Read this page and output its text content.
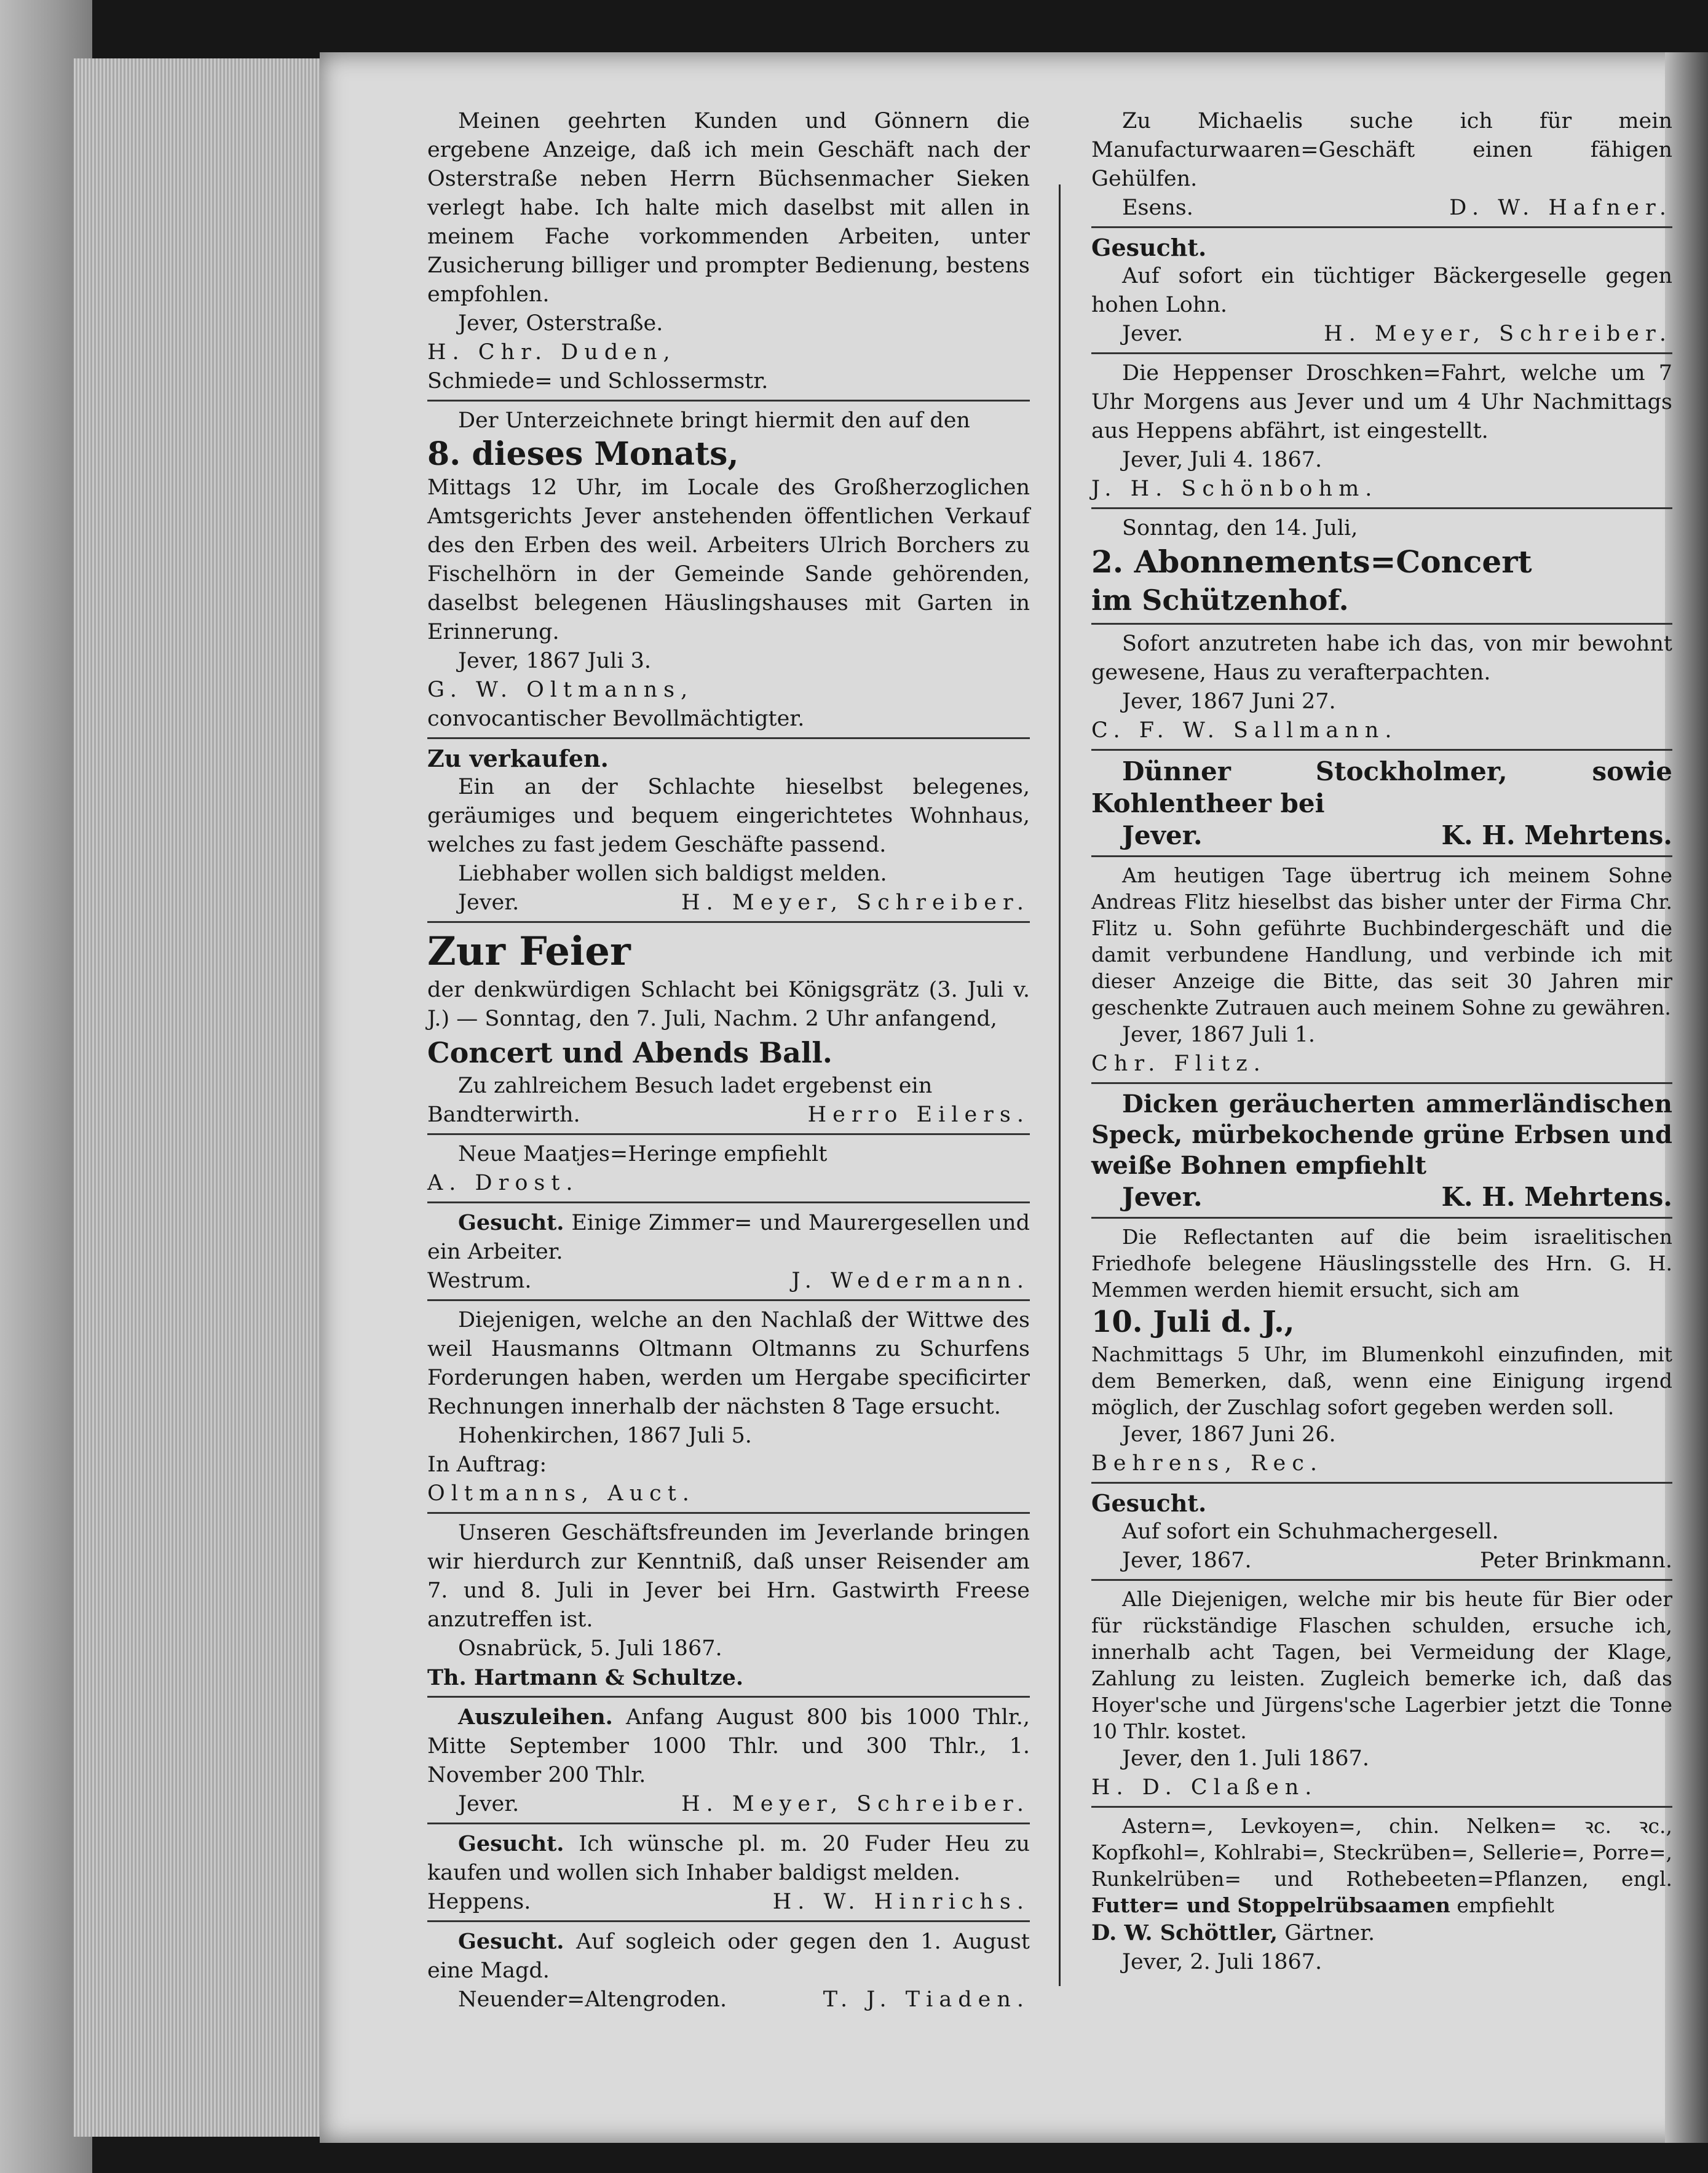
Meinen geehrten Kunden und Gönnern die ergebene Anzeige, daß ich mein Geschäft nach der Osterstraße neben Herrn Büchsenmacher Sieken verlegt habe. Ich halte mich daselbst mit allen in meinem Fache vorkommenden Arbeiten, unter Zusicherung billiger und prompter Bedienung, bestens empfohlen.

Jever, Osterstraße.

H. Chr. Duden,

Schmiede= und Schlossermstr.

Der Unterzeichnete bringt hiermit den auf den

8. dieses Monats,

Mittags 12 Uhr, im Locale des Großherzoglichen Amtsgerichts Jever anstehenden öffentlichen Verkauf des den Erben des weil. Arbeiters Ulrich Borchers zu Fischelhörn in der Gemeinde Sande gehörenden, daselbst belegenen Häuslingshauses mit Garten in Erinnerung.

Jever, 1867 Juli 3.

G. W. Oltmanns,

convocantischer Bevollmächtigter.

Zu verkaufen.

Ein an der Schlachte hieselbst belegenes, geräumiges und bequem eingerichtetes Wohnhaus, welches zu fast jedem Geschäfte passend.

Liebhaber wollen sich baldigst melden.

Jever.	H. Meyer, Schreiber.

Zur Feier

der denkwürdigen Schlacht bei Königsgrätz (3. Juli v. J.) — Sonntag, den 7. Juli, Nachm. 2 Uhr anfangend,

Concert und Abends Ball.

Zu zahlreichem Besuch ladet ergebenst ein

Bandterwirth.	Herro Eilers.

Neue Maatjes=Heringe empfiehlt

A. Drost.

Gesucht. Einige Zimmer= und Maurergesellen und ein Arbeiter.

Westrum.	J. Wedermann.

Diejenigen, welche an den Nachlaß der Wittwe des weil Hausmanns Oltmann Oltmanns zu Schurfens Forderungen haben, werden um Hergabe specificirter Rechnungen innerhalb der nächsten 8 Tage ersucht.

Hohenkirchen, 1867 Juli 5.

In Auftrag:

Oltmanns, Auct.

Unseren Geschäftsfreunden im Jeverlande bringen wir hierdurch zur Kenntniß, daß unser Reisender am 7. und 8. Juli in Jever bei Hrn. Gastwirth Freese anzutreffen ist.

Osnabrück, 5. Juli 1867.

Th. Hartmann & Schultze.

Auszuleihen. Anfang August 800 bis 1000 Thlr., Mitte September 1000 Thlr. und 300 Thlr., 1. November 200 Thlr.

Jever.	H. Meyer, Schreiber.

Gesucht. Ich wünsche pl. m. 20 Fuder Heu zu kaufen und wollen sich Inhaber baldigst melden.

Heppens.	H. W. Hinrichs.

Gesucht. Auf sogleich oder gegen den 1. August eine Magd.

Neuender=Altengroden.	T. J. Tiaden.

Zu Michaelis suche ich für mein Manufacturwaaren=Geschäft einen fähigen Gehülfen.

Esens.	D. W. Hafner.

Gesucht.

Auf sofort ein tüchtiger Bäckergeselle gegen hohen Lohn.

Jever.	H. Meyer, Schreiber.

Die Heppenser Droschken=Fahrt, welche um 7 Uhr Morgens aus Jever und um 4 Uhr Nachmittags aus Heppens abfährt, ist eingestellt.

Jever, Juli 4. 1867.

J. H. Schönbohm.

Sonntag, den 14. Juli,

2. Abonnements=Concert

im Schützenhof.

Sofort anzutreten habe ich das, von mir bewohnt gewesene, Haus zu verafterpachten.

Jever, 1867 Juni 27.

C. F. W. Sallmann.

Dünner Stockholmer, sowie Kohlentheer bei

Jever.	K. H. Mehrtens.

Am heutigen Tage übertrug ich meinem Sohne Andreas Flitz hieselbst das bisher unter der Firma Chr. Flitz u. Sohn geführte Buchbindergeschäft und die damit verbundene Handlung, und verbinde ich mit dieser Anzeige die Bitte, das seit 30 Jahren mir geschenkte Zutrauen auch meinem Sohne zu gewähren.

Jever, 1867 Juli 1.

Chr. Flitz.

Dicken geräucherten ammerländischen Speck, mürbekochende grüne Erbsen und weiße Bohnen empfiehlt

Jever.	K. H. Mehrtens.

Die Reflectanten auf die beim israelitischen Friedhofe belegene Häuslingsstelle des Hrn. G. H. Memmen werden hiemit ersucht, sich am

10. Juli d. J.,

Nachmittags 5 Uhr, im Blumenkohl einzufinden, mit dem Bemerken, daß, wenn eine Einigung irgend möglich, der Zuschlag sofort gegeben werden soll.

Jever, 1867 Juni 26.

Behrens, Rec.

Gesucht.

Auf sofort ein Schuhmachergesell.

Jever, 1867.	Peter Brinkmann.

Alle Diejenigen, welche mir bis heute für Bier oder für rückständige Flaschen schulden, ersuche ich, innerhalb acht Tagen, bei Vermeidung der Klage, Zahlung zu leisten. Zugleich bemerke ich, daß das Hoyer'sche und Jürgens'sche Lagerbier jetzt die Tonne 10 Thlr. kostet.

Jever, den 1. Juli 1867.

H. D. Claßen.

Astern=, Levkoyen=, chin. Nelken= ꝛc. ꝛc., Kopfkohl=, Kohlrabi=, Steckrüben=, Sellerie=, Porre=, Runkelrüben= und Rothebeeten=Pflanzen, engl. Futter= und Stoppelrübsaamen empfiehlt

D. W. Schöttler, Gärtner.

Jever, 2. Juli 1867.
